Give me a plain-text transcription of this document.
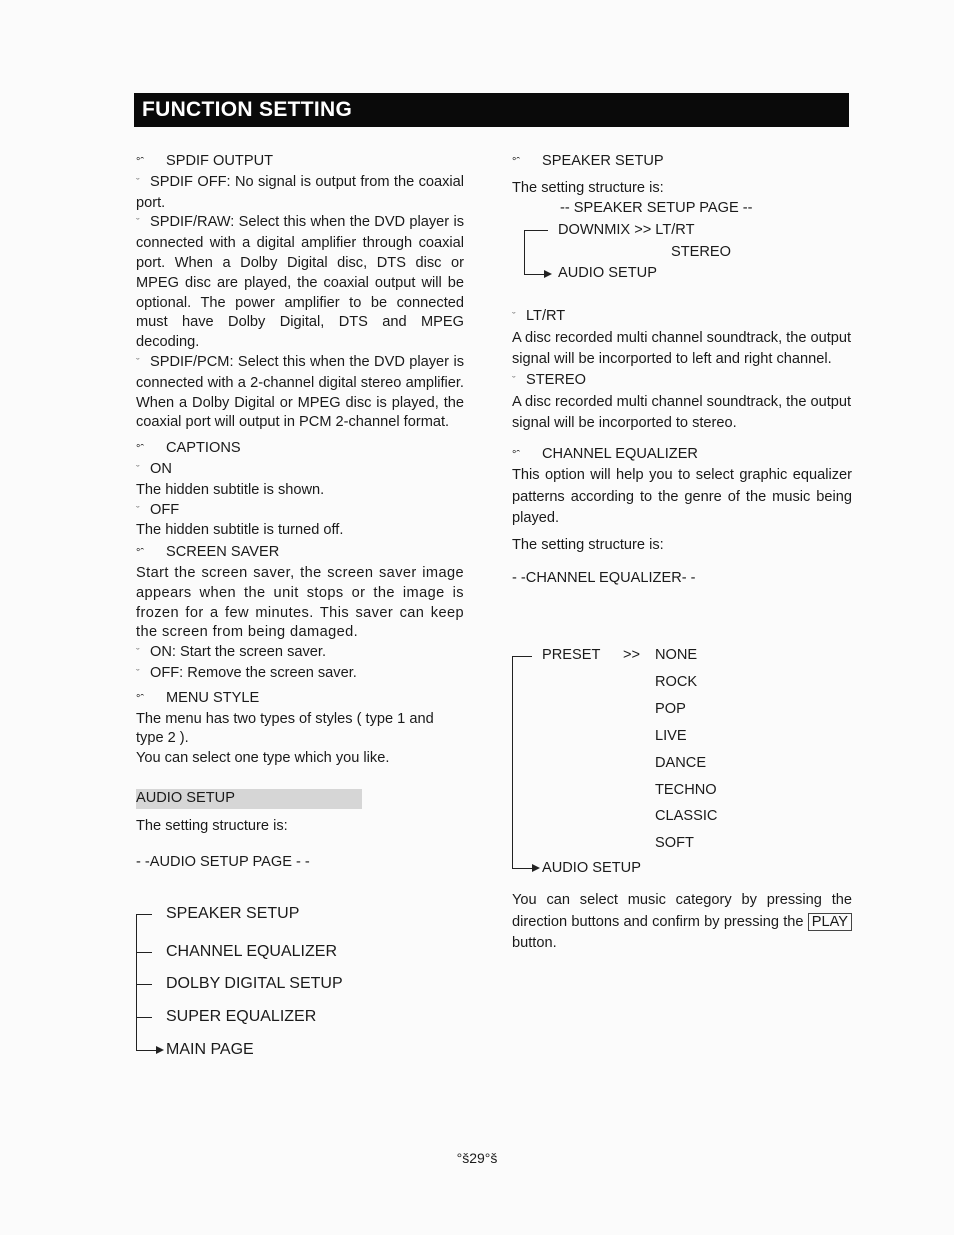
FUNCTION SETTING

°ˆ SPDIF OUTPUT

ˇ SPDIF OFF: No signal is output from the coaxial port.

ˇ SPDIF/RAW: Select this when the DVD player is connected with a digital amplifier through coaxial port. When a Dolby Digital disc, DTS disc or MPEG disc are played, the coaxial output will be optional. The power amplifier to be connected must have Dolby Digital, DTS and MPEG decoding.

ˇ SPDIF/PCM: Select this when the DVD player is connected with a 2-channel digital stereo amplifier. When a Dolby Digital or MPEG disc is played, the coaxial port will output in PCM 2-channel format.

°ˆ CAPTIONS

ˇ ON

The hidden subtitle is shown.

ˇ OFF

The hidden subtitle is turned off.

°ˆ SCREEN SAVER

Start the screen saver, the screen saver image appears when the unit stops or the image is frozen for a few minutes. This saver can keep the screen from being damaged.

ˇ ON: Start the screen saver.

ˇ OFF: Remove the screen saver.

°ˆ MENU STYLE

The menu has two types of styles ( type 1 and type 2 ).

You can select one type which you like.

AUDIO SETUP

The setting structure is:

- -AUDIO SETUP PAGE - -

SPEAKER SETUP
CHANNEL EQUALIZER
DOLBY DIGITAL SETUP
SUPER EQUALIZER
MAIN PAGE

°ˆ SPEAKER SETUP

The setting structure is:

-- SPEAKER SETUP PAGE --
DOWNMIX >> LT/RT
STEREO
AUDIO SETUP

ˇ LT/RT

A disc recorded multi channel soundtrack, the output signal will be incorported to left and right channel.

ˇ STEREO

A disc recorded multi channel soundtrack, the output signal will be incorported to stereo.

°ˆ CHANNEL EQUALIZER

This option will help you to select graphic equalizer patterns according to the genre of the music being played.

The setting structure is:

- -CHANNEL EQUALIZER- -

PRESET >> NONE
ROCK
POP
LIVE
DANCE
TECHNO
CLASSIC
SOFT
AUDIO SETUP

You can select music category by pressing the direction buttons and confirm by pressing the PLAY button.

°š29°š
